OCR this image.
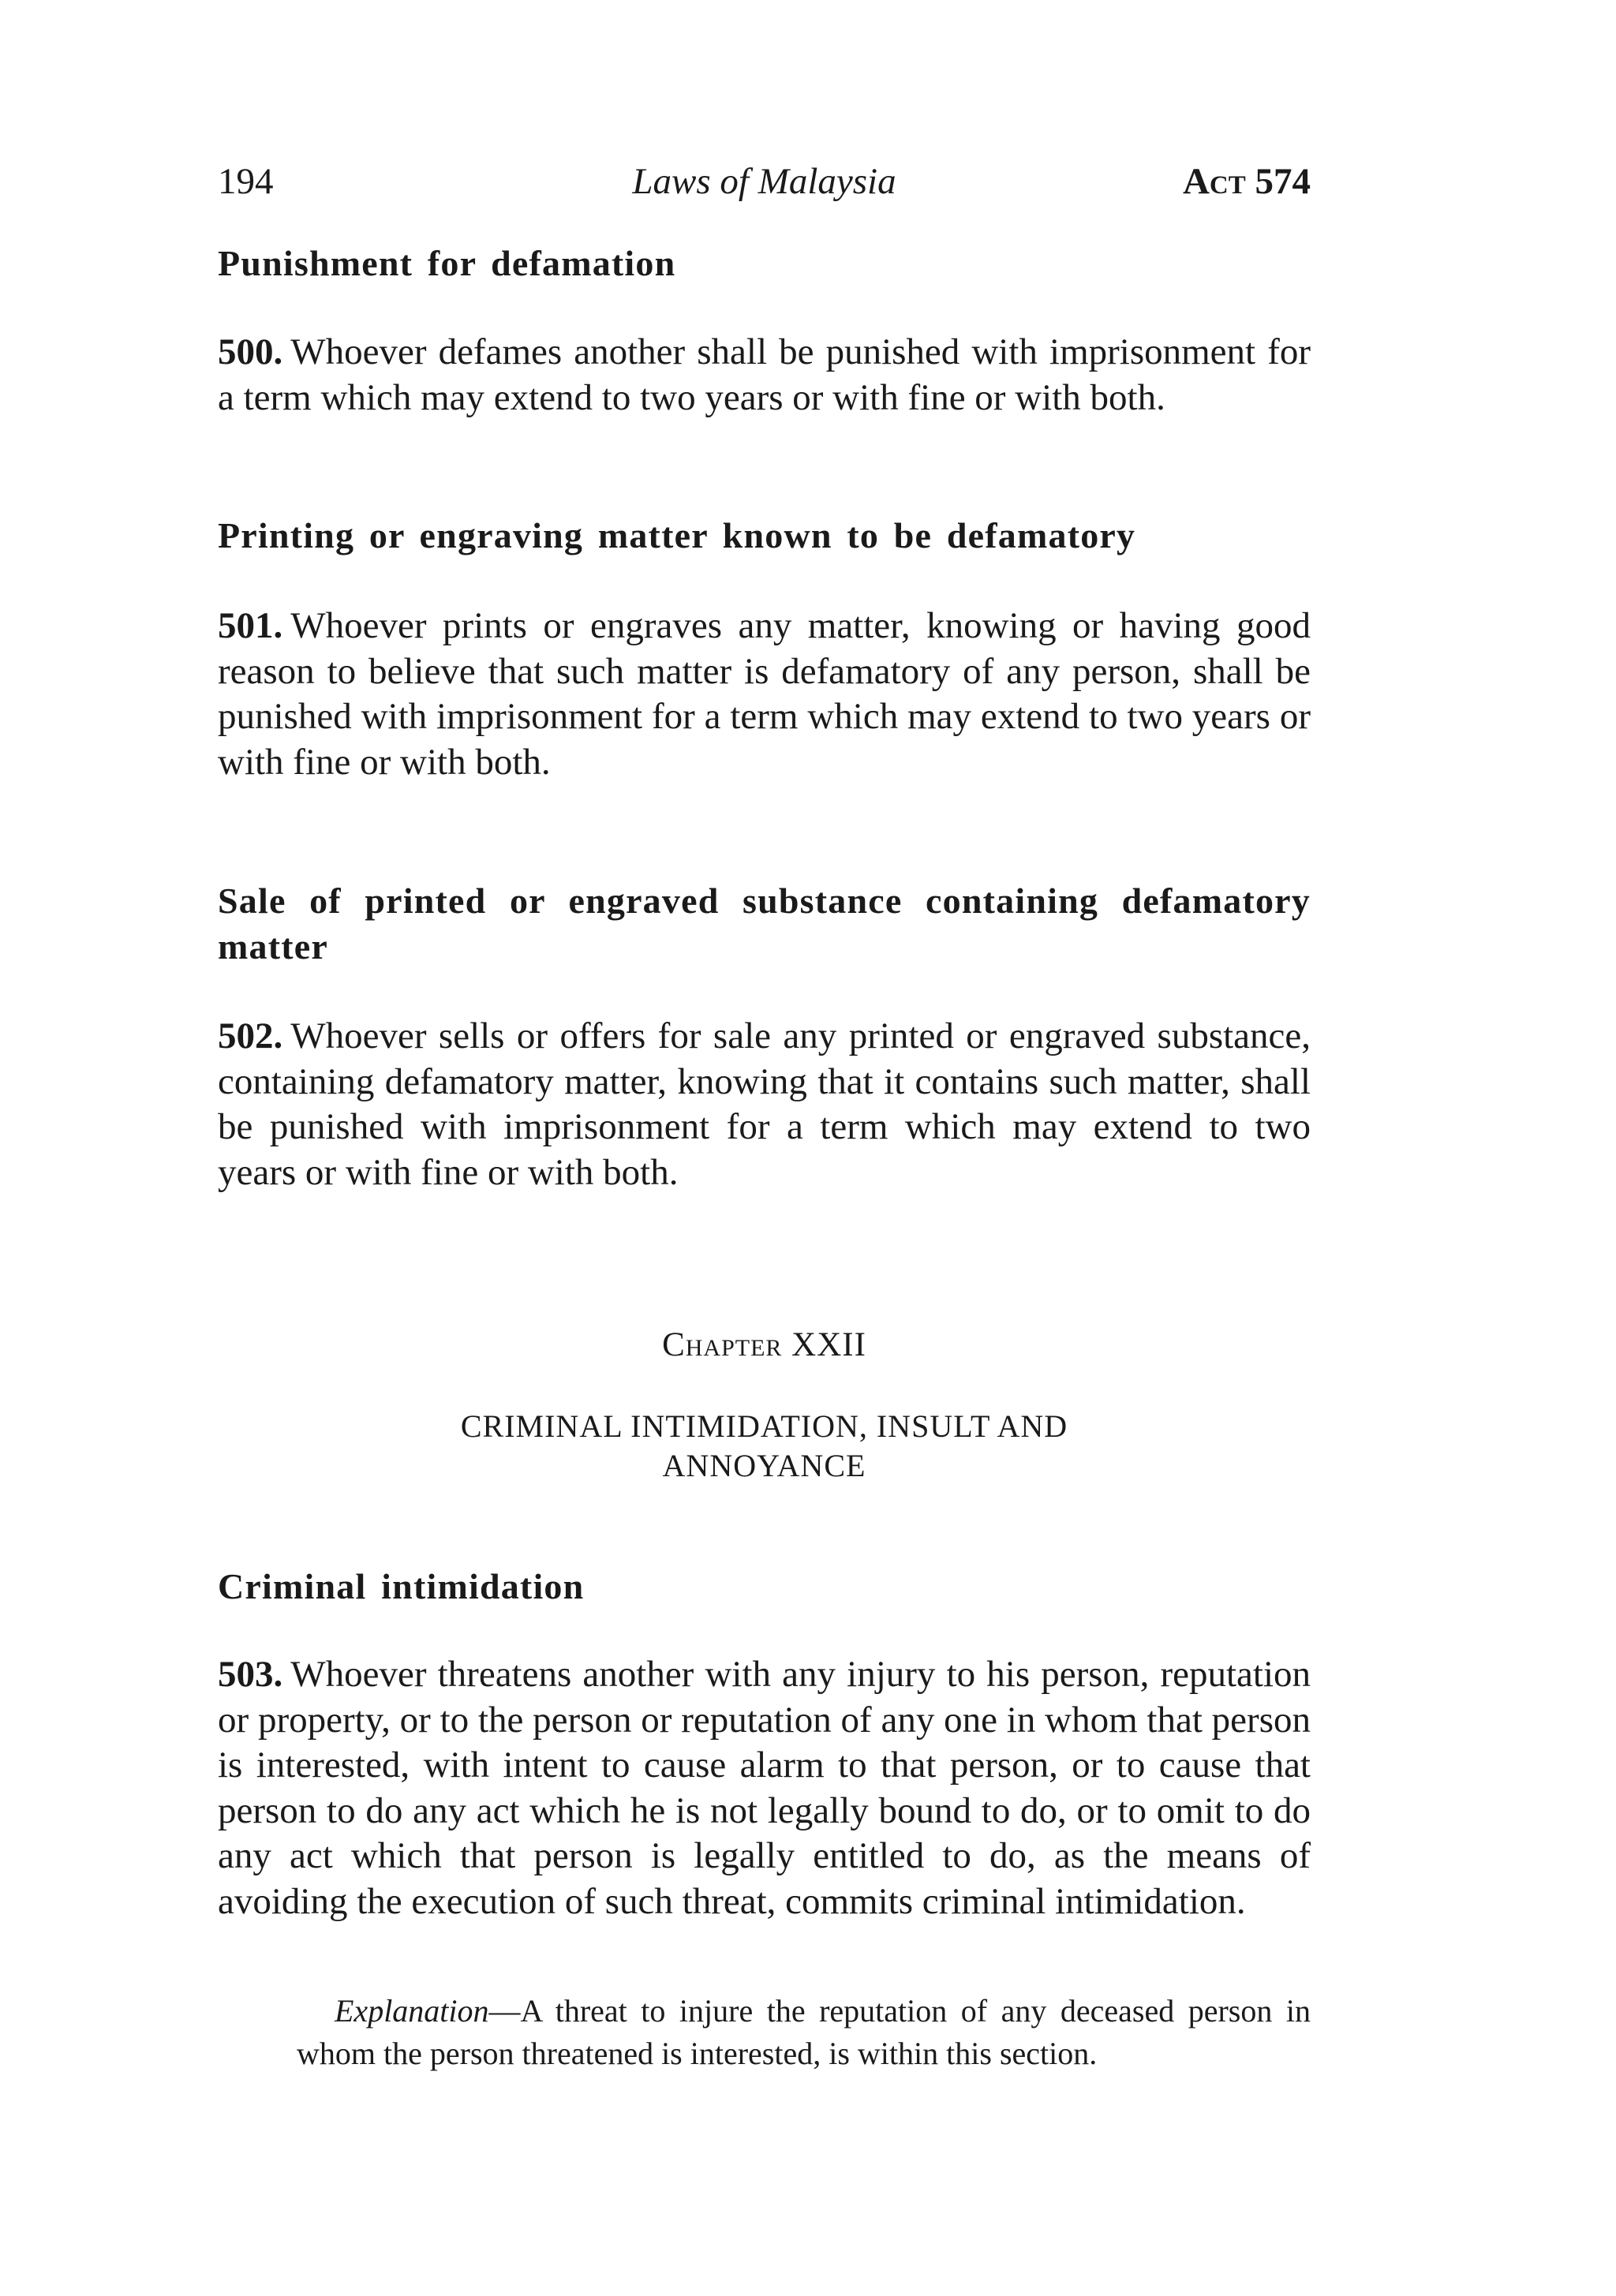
194	Laws of Malaysia	Act 574
Punishment for defamation
500. Whoever defames another shall be punished with imprisonment for a term which may extend to two years or with fine or with both.
Printing or engraving matter known to be defamatory
501. Whoever prints or engraves any matter, knowing or having good reason to believe that such matter is defamatory of any person, shall be punished with imprisonment for a term which may extend to two years or with fine or with both.
Sale of printed or engraved substance containing defamatory matter
502. Whoever sells or offers for sale any printed or engraved substance, containing defamatory matter, knowing that it contains such matter, shall be punished with imprisonment for a term which may extend to two years or with fine or with both.
Chapter XXII
CRIMINAL INTIMIDATION, INSULT AND
ANNOYANCE
Criminal intimidation
503. Whoever threatens another with any injury to his person, reputation or property, or to the person or reputation of any one in whom that person is interested, with intent to cause alarm to that person, or to cause that person to do any act which he is not legally bound to do, or to omit to do any act which that person is legally entitled to do, as the means of avoiding the execution of such threat, commits criminal intimidation.
Explanation—A threat to injure the reputation of any deceased person in whom the person threatened is interested, is within this section.
